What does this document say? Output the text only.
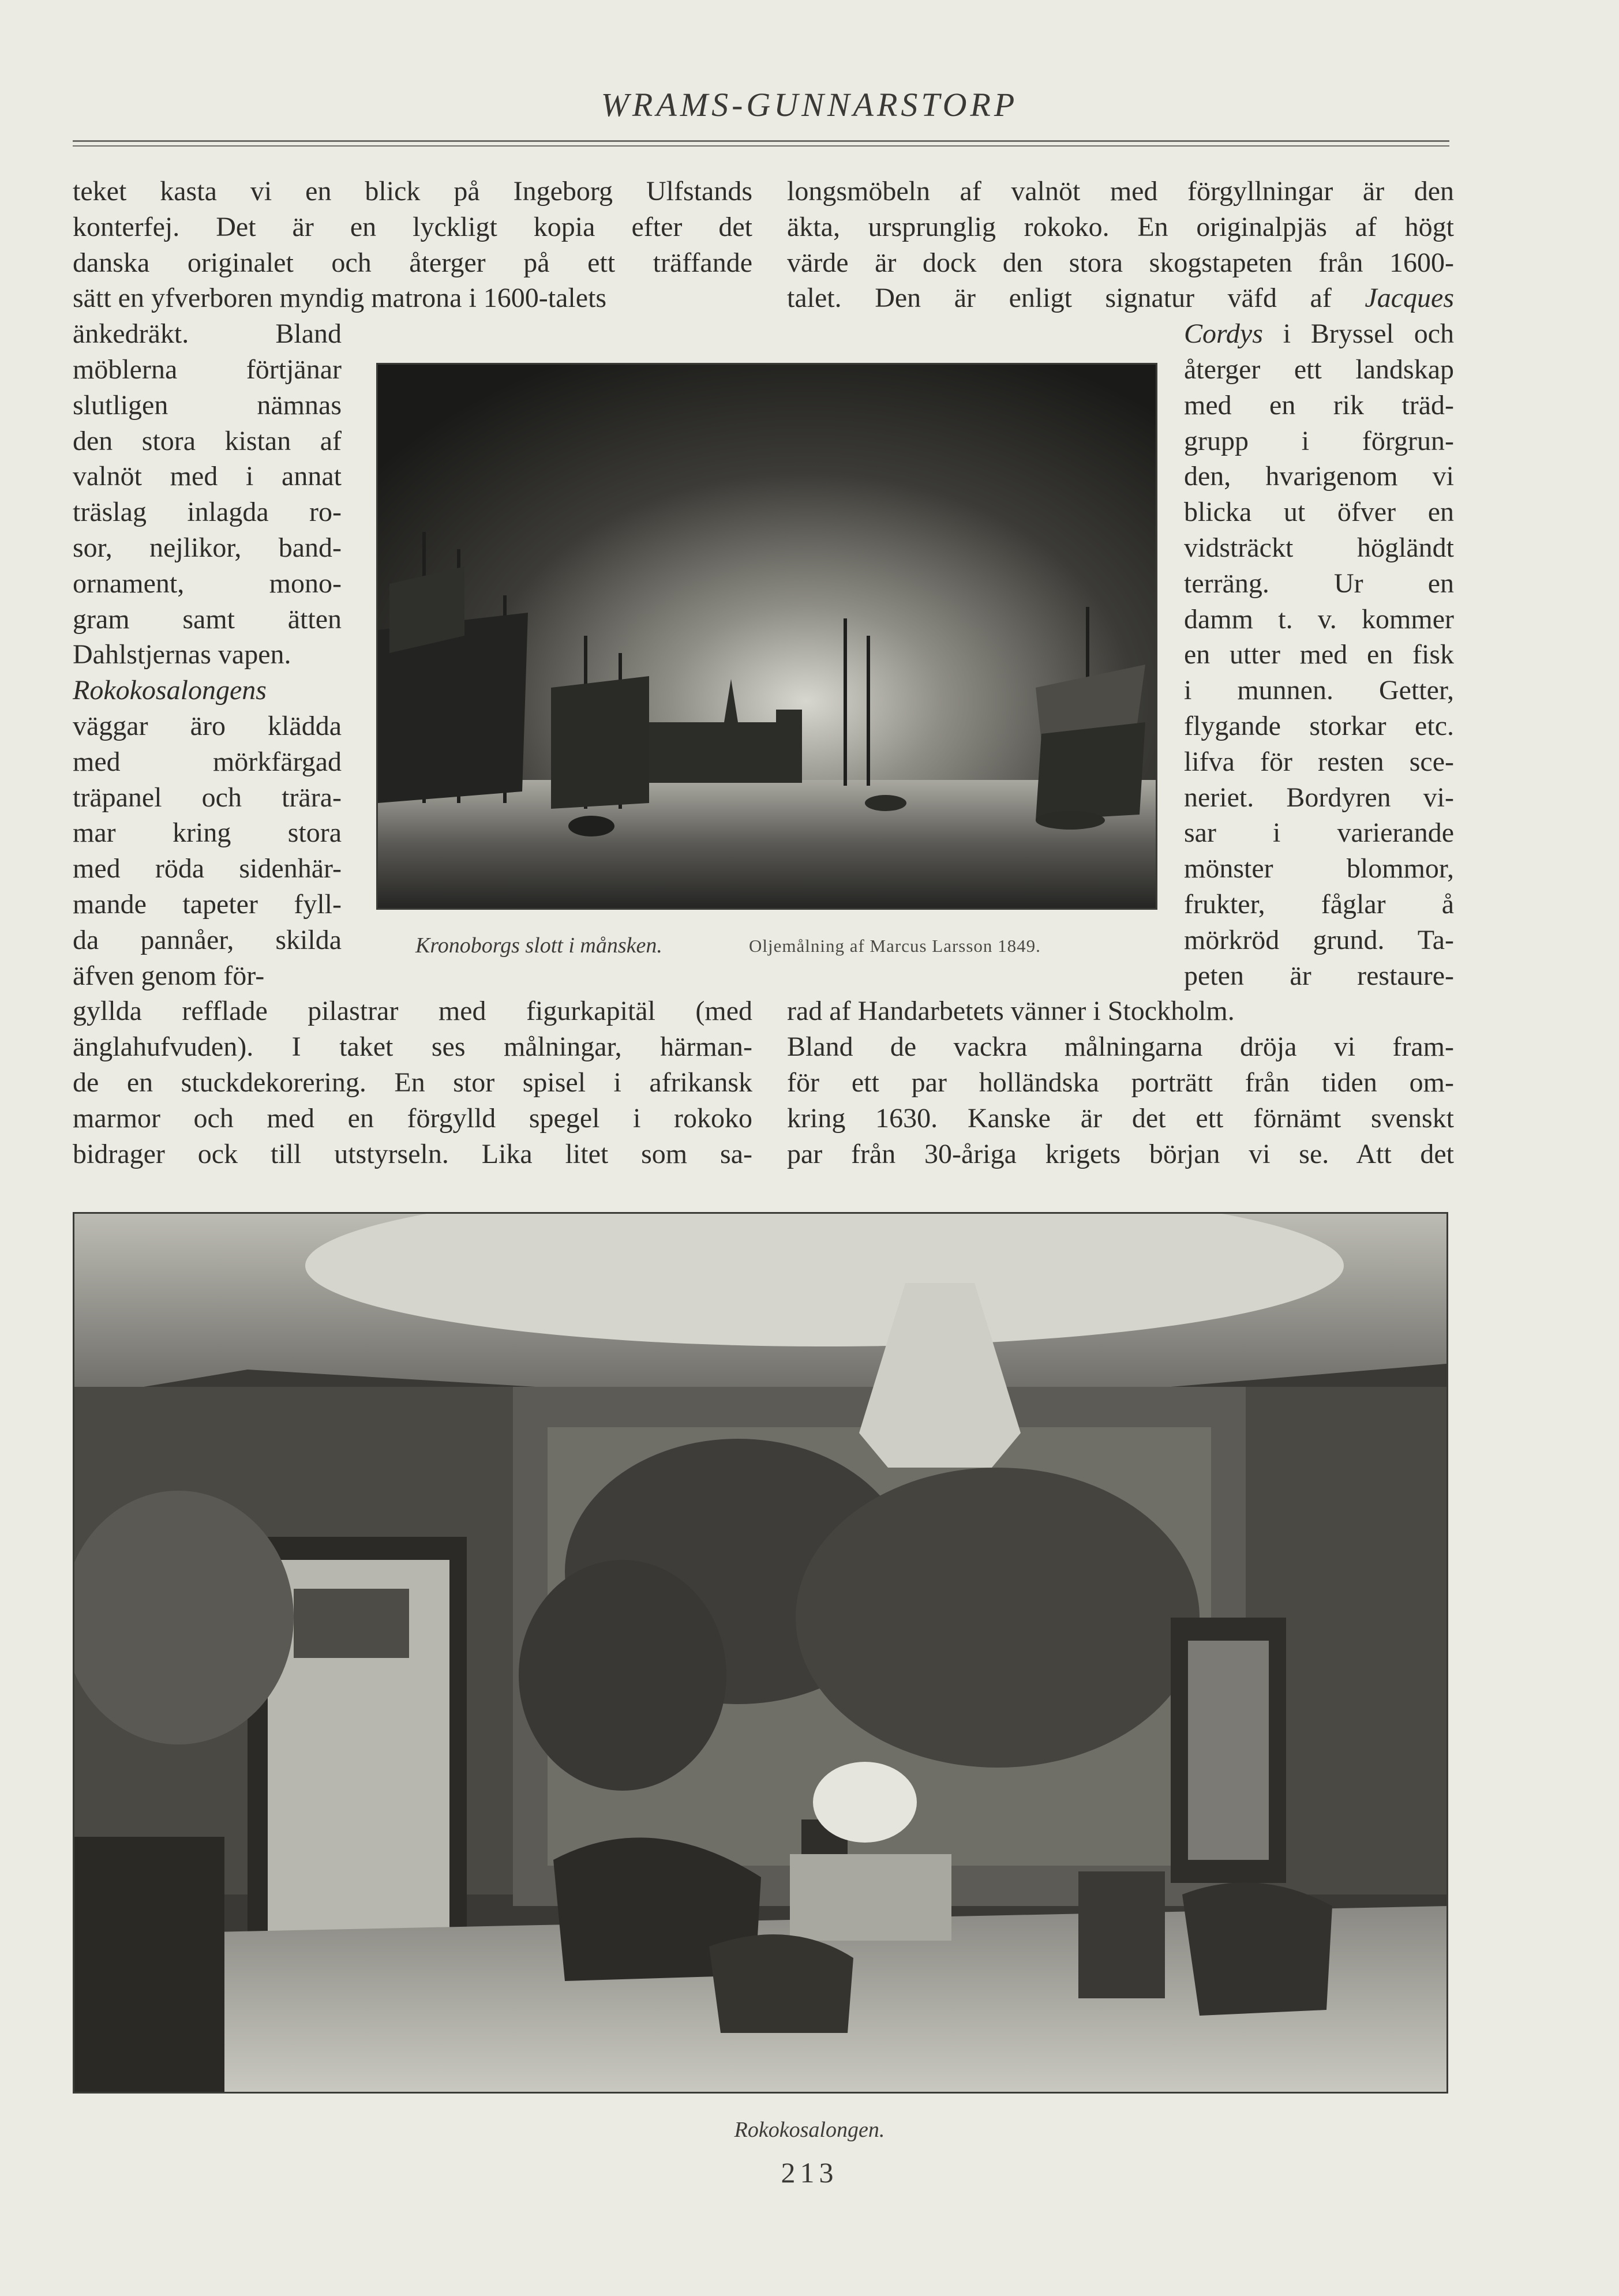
WRAMS-GUNNARSTORP
teket kasta vi en blick på Ingeborg Ulfstands
konterfej. Det är en lyckligt kopia efter det
danska originalet och återger på ett träffande
sätt en yfverboren myndig matrona i 1600-talets
änkedräkt. Bland
möblerna förtjänar
slutligen nämnas
den stora kistan af
valnöt med i annat
träslag inlagda ro-
sor, nejlikor, band-
ornament, mono-
gram samt ätten
Dahlstjernas vapen.
Rokokosalongens
väggar äro klädda
med mörkfärgad
träpanel och trära-
mar kring stora
med röda sidenhär-
mande tapeter fyll-
da pannåer, skilda
äfven genom för-
gyllda refflade pilastrar med figurkapitäl (med
änglahufvuden). I taket ses målningar, härman-
de en stuckdekorering. En stor spisel i afrikansk
marmor och med en förgylld spegel i rokoko
bidrager ock till utstyrseln. Lika litet som sa-
longsmöbeln af valnöt med förgyllningar är den
äkta, ursprunglig rokoko. En originalpjäs af högt
värde är dock den stora skogstapeten från 1600-
talet. Den är enligt signatur väfd af Jacques
Cordys i Bryssel och
återger ett landskap
med en rik träd-
grupp i förgrun-
den, hvarigenom vi
blicka ut öfver en
vidsträckt högländt
terräng. Ur en
damm t. v. kommer
en utter med en fisk
i munnen. Getter,
flygande storkar etc.
lifva för resten sce-
neriet. Bordyren vi-
sar i varierande
mönster blommor,
frukter, fåglar å
mörkröd grund. Ta-
peten är restaure-
rad af Handarbetets vänner i Stockholm.
Bland de vackra målningarna dröja vi fram-
för ett par holländska porträtt från tiden om-
kring 1630. Kanske är det ett förnämt svenskt
par från 30-åriga krigets början vi se. Att det
Kronoborgs slott i månsken.	Oljemålning af Marcus Larsson 1849.
Rokokosalongen.
213
